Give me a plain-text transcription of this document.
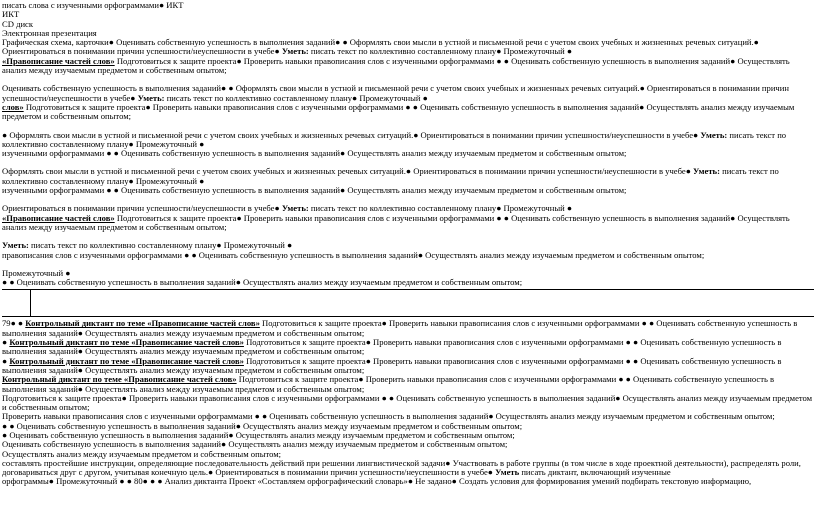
писать слова с изученными орфограммами● ИКТ

ИКТ

CD диск

Электронная презентация

Графическая схема, карточки● Оценивать собственную успешность в выполнения заданий● ● Оформлять свои мысли в устной и письменной речи с учетом своих учебных и жизненных речевых ситуаций.● Ориентироваться в понимании причин успешности/неуспешности в учебе● Уметь: писать текст по коллективно составленному плану● Промежуточный ●
«Правописание частей слов» Подготовиться к защите проекта● Проверить навыки правописания слов с изученными орфограммами ● ● Оценивать собственную успешность в выполнения заданий● Осуществлять анализ между изучаемым предметом и собственным опытом;

Оценивать собственную успешность в выполнения заданий● ● Оформлять свои мысли в устной и письменной речи с учетом своих учебных и жизненных речевых ситуаций.● Ориентироваться в понимании причин успешности/неуспешности в учебе● Уметь: писать текст по коллективно составленному плану● Промежуточный ●
слов» Подготовиться к защите проекта● Проверить навыки правописания слов с изученными орфограммами ● ● Оценивать собственную успешность в выполнения заданий● Осуществлять анализ между изучаемым предметом и собственным опытом;

● Оформлять свои мысли в устной и письменной речи с учетом своих учебных и жизненных речевых ситуаций.● Ориентироваться в понимании причин успешности/неуспешности в учебе● Уметь: писать текст по коллективно составленному плану● Промежуточный ●
изученными орфограммами ● ● Оценивать собственную успешность в выполнения заданий● Осуществлять анализ между изучаемым предметом и собственным опытом;

Оформлять свои мысли в устной и письменной речи с учетом своих учебных и жизненных речевых ситуаций.● Ориентироваться в понимании причин успешности/неуспешности в учебе● Уметь: писать текст по коллективно составленному плану● Промежуточный ●
изученными орфограммами ● ● Оценивать собственную успешность в выполнения заданий● Осуществлять анализ между изучаемым предметом и собственным опытом;

Ориентироваться в понимании причин успешности/неуспешности в учебе● Уметь: писать текст по коллективно составленному плану● Промежуточный ●
«Правописание частей слов» Подготовиться к защите проекта● Проверить навыки правописания слов с изученными орфограммами ● ● Оценивать собственную успешность в выполнения заданий● Осуществлять анализ между изучаемым предметом и собственным опытом;

Уметь: писать текст по коллективно составленному плану● Промежуточный ●
правописания слов с изученными орфограммами ● ● Оценивать собственную успешность в выполнения заданий● Осуществлять анализ между изучаемым предметом и собственным опытом;

Промежуточный ●
● ● Оценивать собственную успешность в выполнения заданий● Осуществлять анализ между изучаемым предметом и собственным опытом;

79● ● Контрольный диктант по теме «Правописание частей слов» Подготовиться к защите проекта● Проверить навыки правописания слов с изученными орфограммами ● ● Оценивать собственную успешность в выполнения заданий● Осуществлять анализ между изучаемым предметом и собственным опытом;

● Контрольный диктант по теме «Правописание частей слов» Подготовиться к защите проекта● Проверить навыки правописания слов с изученными орфограммами ● ● Оценивать собственную успешность в выполнения заданий● Осуществлять анализ между изучаемым предметом и собственным опытом;

● Контрольный диктант по теме «Правописание частей слов» Подготовиться к защите проекта● Проверить навыки правописания слов с изученными орфограммами ● ● Оценивать собственную успешность в выполнения заданий● Осуществлять анализ между изучаемым предметом и собственным опытом;

Контрольный диктант по теме «Правописание частей слов» Подготовиться к защите проекта● Проверить навыки правописания слов с изученными орфограммами ● ● Оценивать собственную успешность в выполнения заданий● Осуществлять анализ между изучаемым предметом и собственным опытом;

Подготовиться к защите проекта● Проверить навыки правописания слов с изученными орфограммами ● ● Оценивать собственную успешность в выполнения заданий● Осуществлять анализ между изучаемым предметом и собственным опытом;

Проверить навыки правописания слов с изученными орфограммами ● ● Оценивать собственную успешность в выполнения заданий● Осуществлять анализ между изучаемым предметом и собственным опытом;

● ● Оценивать собственную успешность в выполнения заданий● Осуществлять анализ между изучаемым предметом и собственным опытом;

● Оценивать собственную успешность в выполнения заданий● Осуществлять анализ между изучаемым предметом и собственным опытом;

Оценивать собственную успешность в выполнения заданий● Осуществлять анализ между изучаемым предметом и собственным опытом;

Осуществлять анализ между изучаемым предметом и собственным опытом;

составлять простейшие инструкции, определяющие последовательность действий при решении лингвистической задачи● Участвовать в работе группы (в том числе в ходе проектной деятельности), распределять роли, договариваться друг с другом, учитывая конечную цель.● Ориентироваться в понимании причин успешности/неуспешности в учебе● Уметь писать диктант, включающий изученные

орфограммы● Промежуточный ● ● 80● ● ● Анализ диктанта Проект «Составляем орфографический словарь»● Не задано● Создать условия для формирования умений подбирать текстовую информацию,
